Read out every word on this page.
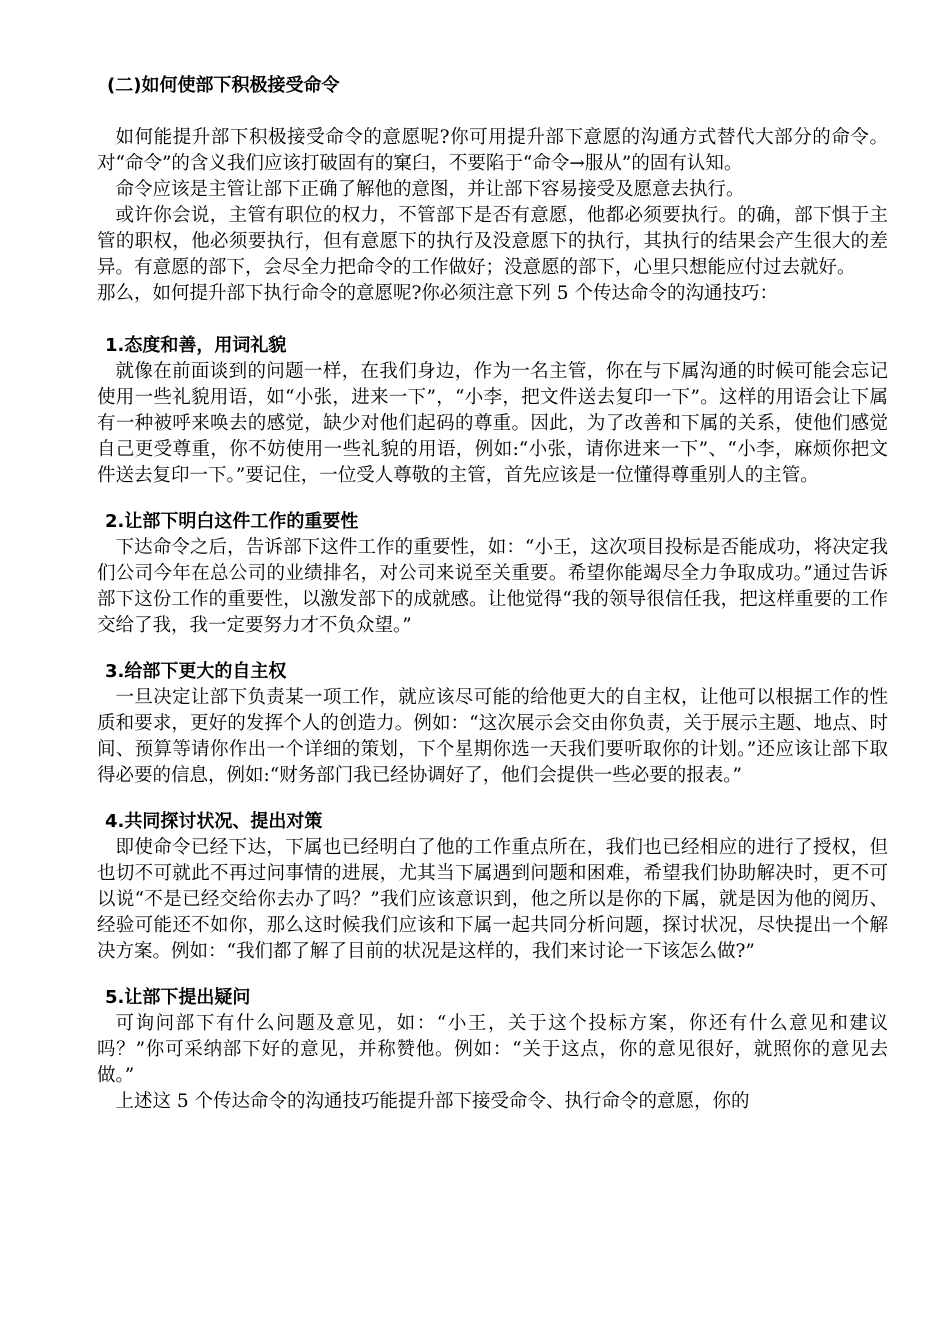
(二)如何使部下积极接受命令

如何能提升部下积极接受命令的意愿呢?你可用提升部下意愿的沟通方式替代大部分的命令。对“命令”的含义我们应该打破固有的窠臼，不要陷于“命令→服从”的固有认知。

命令应该是主管让部下正确了解他的意图，并让部下容易接受及愿意去执行。

或许你会说，主管有职位的权力，不管部下是否有意愿，他都必须要执行。的确，部下惧于主管的职权，他必须要执行，但有意愿下的执行及没意愿下的执行，其执行的结果会产生很大的差异。有意愿的部下，会尽全力把命令的工作做好；没意愿的部下，心里只想能应付过去就好。

那么，如何提升部下执行命令的意愿呢?你必须注意下列 5 个传达命令的沟通技巧：

1.态度和善，用词礼貌

就像在前面谈到的问题一样，在我们身边，作为一名主管，你在与下属沟通的时候可能会忘记使用一些礼貌用语，如“小张，进来一下”，“小李，把文件送去复印一下”。这样的用语会让下属有一种被呼来唤去的感觉，缺少对他们起码的尊重。因此，为了改善和下属的关系，使他们感觉自己更受尊重，你不妨使用一些礼貌的用语，例如:“小张，请你进来一下”、“小李，麻烦你把文件送去复印一下。”要记住，一位受人尊敬的主管，首先应该是一位懂得尊重别人的主管。

2.让部下明白这件工作的重要性

下达命令之后，告诉部下这件工作的重要性，如：“小王，这次项目投标是否能成功，将决定我们公司今年在总公司的业绩排名，对公司来说至关重要。希望你能竭尽全力争取成功。”通过告诉部下这份工作的重要性，以激发部下的成就感。让他觉得“我的领导很信任我，把这样重要的工作交给了我，我一定要努力才不负众望。”

3.给部下更大的自主权

一旦决定让部下负责某一项工作，就应该尽可能的给他更大的自主权，让他可以根据工作的性质和要求，更好的发挥个人的创造力。例如：“这次展示会交由你负责，关于展示主题、地点、时间、预算等请你作出一个详细的策划，下个星期你选一天我们要听取你的计划。”还应该让部下取得必要的信息，例如:“财务部门我已经协调好了，他们会提供一些必要的报表。”

4.共同探讨状况、提出对策

即使命令已经下达，下属也已经明白了他的工作重点所在，我们也已经相应的进行了授权，但也切不可就此不再过问事情的进展，尤其当下属遇到问题和困难，希望我们协助解决时，更不可以说“不是已经交给你去办了吗？”我们应该意识到，他之所以是你的下属，就是因为他的阅历、经验可能还不如你，那么这时候我们应该和下属一起共同分析问题，探讨状况，尽快提出一个解决方案。例如：“我们都了解了目前的状况是这样的，我们来讨论一下该怎么做?”

5.让部下提出疑问

可询问部下有什么问题及意见，如：“小王，关于这个投标方案，你还有什么意见和建议吗？”你可采纳部下好的意见，并称赞他。例如：“关于这点，你的意见很好，就照你的意见去做。”

上述这 5 个传达命令的沟通技巧能提升部下接受命令、执行命令的意愿，你的
